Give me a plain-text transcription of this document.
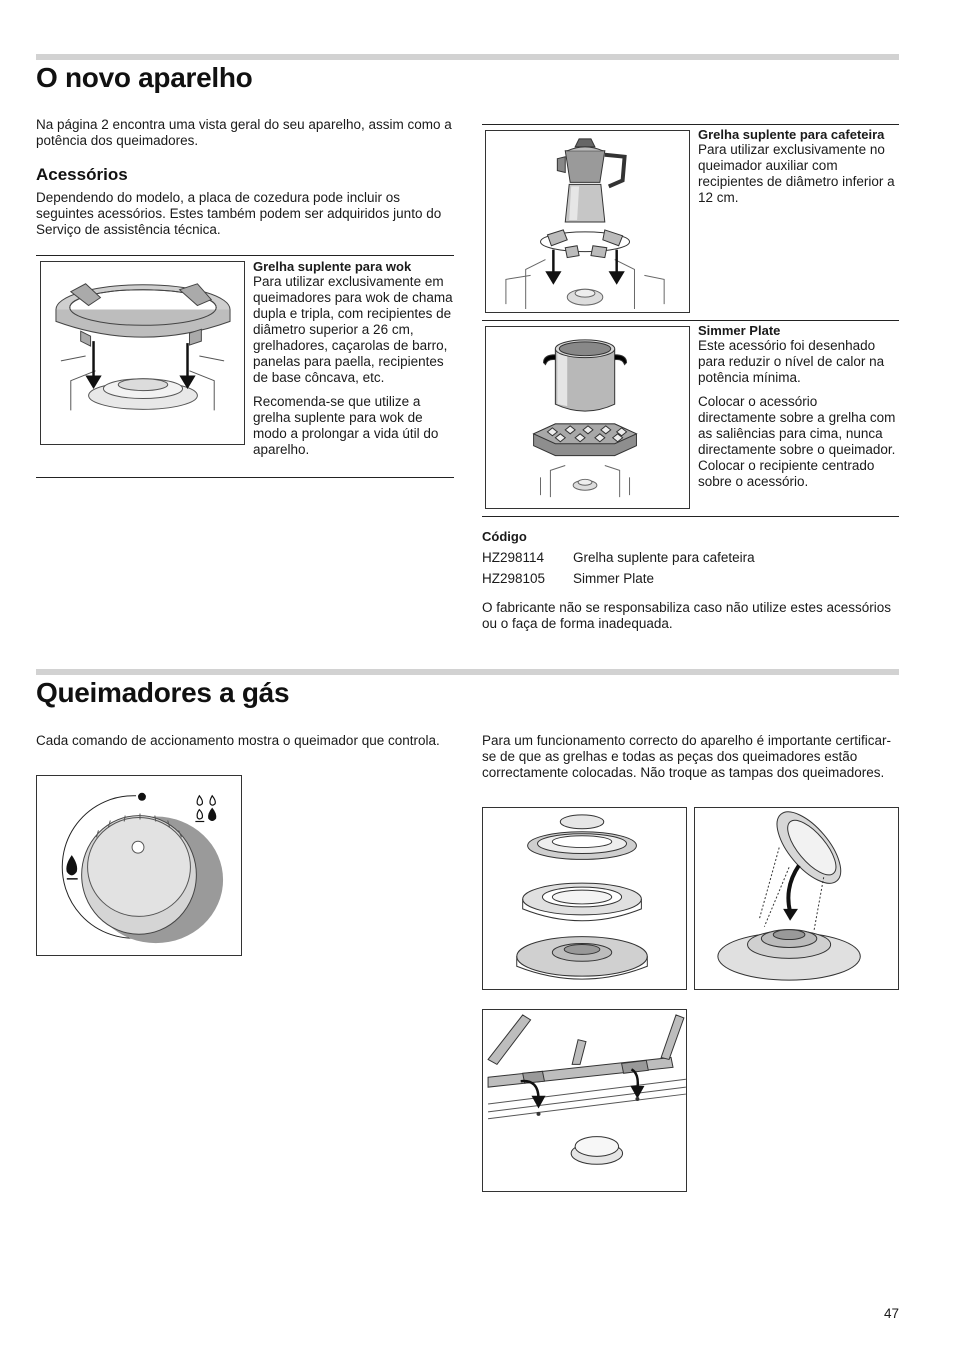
O novo aparelho

Na página 2 encontra uma vista geral do seu aparelho, assim como a potência dos queimadores.

Acessórios

Dependendo do modelo, a placa de cozedura pode incluir os seguintes acessórios. Estes também podem ser adquiridos junto do Serviço de assistência técnica.

Grelha suplente para wok
Para utilizar exclusivamente em queimadores para wok de chama dupla e tripla, com recipientes de diâmetro superior a 26 cm, grelhadores, caçarolas de barro, panelas para paella, recipientes de base côncava, etc.
Recomenda-se que utilize a grelha suplente para wok de modo a prolongar a vida útil do aparelho.
Grelha suplente para cafeteira
Para utilizar exclusivamente no queimador auxiliar com recipientes de diâmetro inferior a 12 cm.
Simmer Plate
Este acessório foi desenhado para reduzir o nível de calor na potência mínima.
Colocar o acessório directamente sobre a grelha com as saliências para cima, nunca directamente sobre o queimador. Colocar o recipiente centrado sobre o acessório.
Código
HZ298114	Grelha suplente para cafeteira
HZ298105	Simmer Plate

O fabricante não se responsabiliza caso não utilize estes acessórios ou o faça de forma inadequada.

Queimadores a gás

Cada comando de accionamento mostra o queimador que controla.	Para um funcionamento correcto do aparelho é importante certificar-se de que as grelhas e todas as peças dos queimadores estão correctamente colocadas. Não troque as tampas dos queimadores.

47
